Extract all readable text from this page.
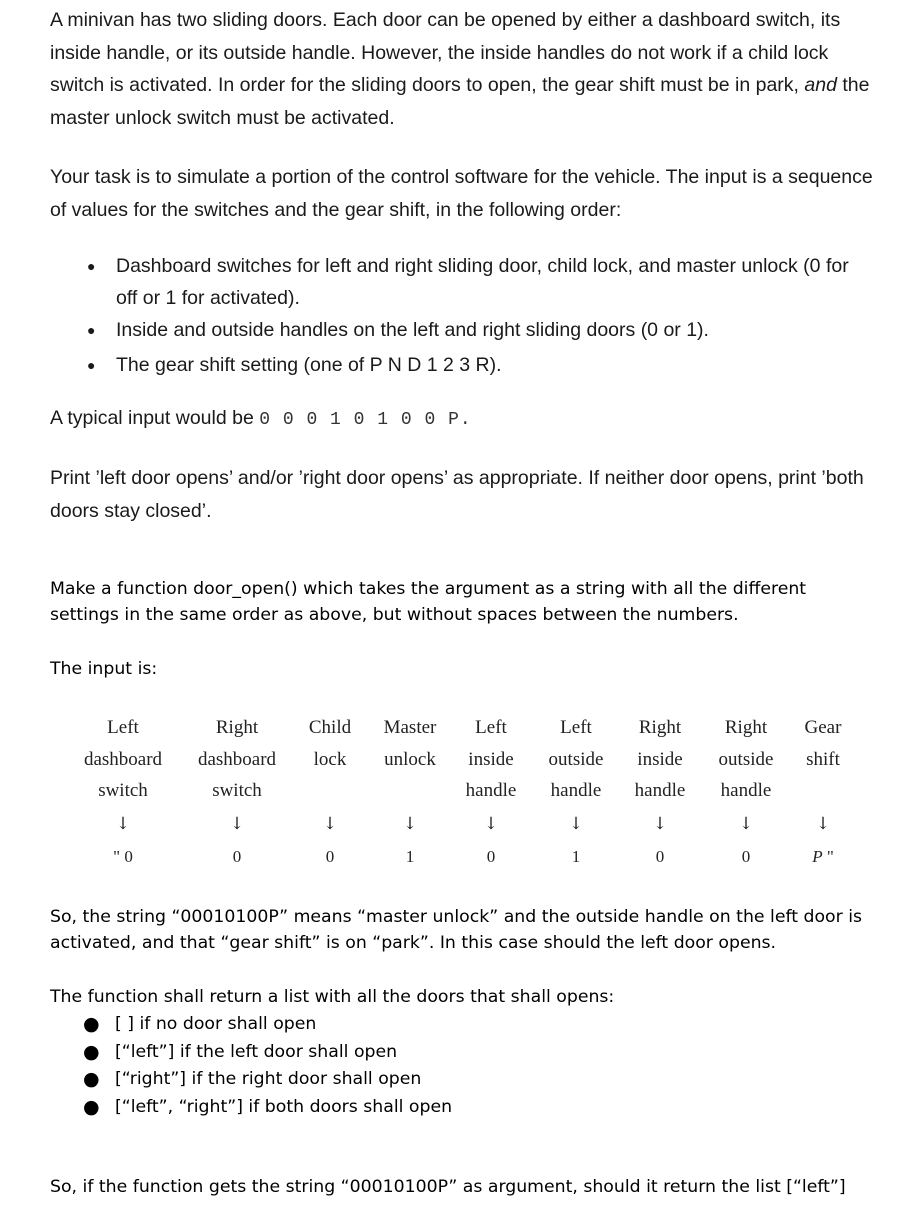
A minivan has two sliding doors. Each door can be opened by either a dashboard switch, its inside handle, or its outside handle. However, the inside handles do not work if a child lock switch is activated. In order for the sliding doors to open, the gear shift must be in park, and the master unlock switch must be activated.

Your task is to simulate a portion of the control software for the vehicle. The input is a sequence of values for the switches and the gear shift, in the following order:

● Dashboard switches for left and right sliding door, child lock, and master unlock (0 for off or 1 for activated).
● Inside and outside handles on the left and right sliding doors (0 or 1).
● The gear shift setting (one of P N D 1 2 3 R).

A typical input would be 0 0 0 1 0 1 0 0 P.

Print ’left door opens’ and/or ’right door opens’ as appropriate. If neither door opens, print ’both doors stay closed’.

Make a function door_open() which takes the argument as a string with all the different settings in the same order as above, but without spaces between the numbers.

The input is:

Left
dashboard
switch
↓
" 0
Right
dashboard
switch
↓
0
Child
lock
↓
0
Master
unlock
↓
1
Left
inside
handle
↓
0
Left
outside
handle
↓
1
Right
inside
handle
↓
0
Right
outside
handle
↓
0
Gear
shift
↓
P "

So, the string “00010100P” means “master unlock” and the outside handle on the left door is activated, and that “gear shift” is on “park”. In this case should the left door opens.

The function shall return a list with all the doors that shall opens:

● [ ] if no door shall open
● [“left”] if the left door shall open
● [“right”] if the right door shall open
● [“left”, “right”] if both doors shall open

So, if the function gets the string “00010100P” as argument, should it return the list [“left”]
